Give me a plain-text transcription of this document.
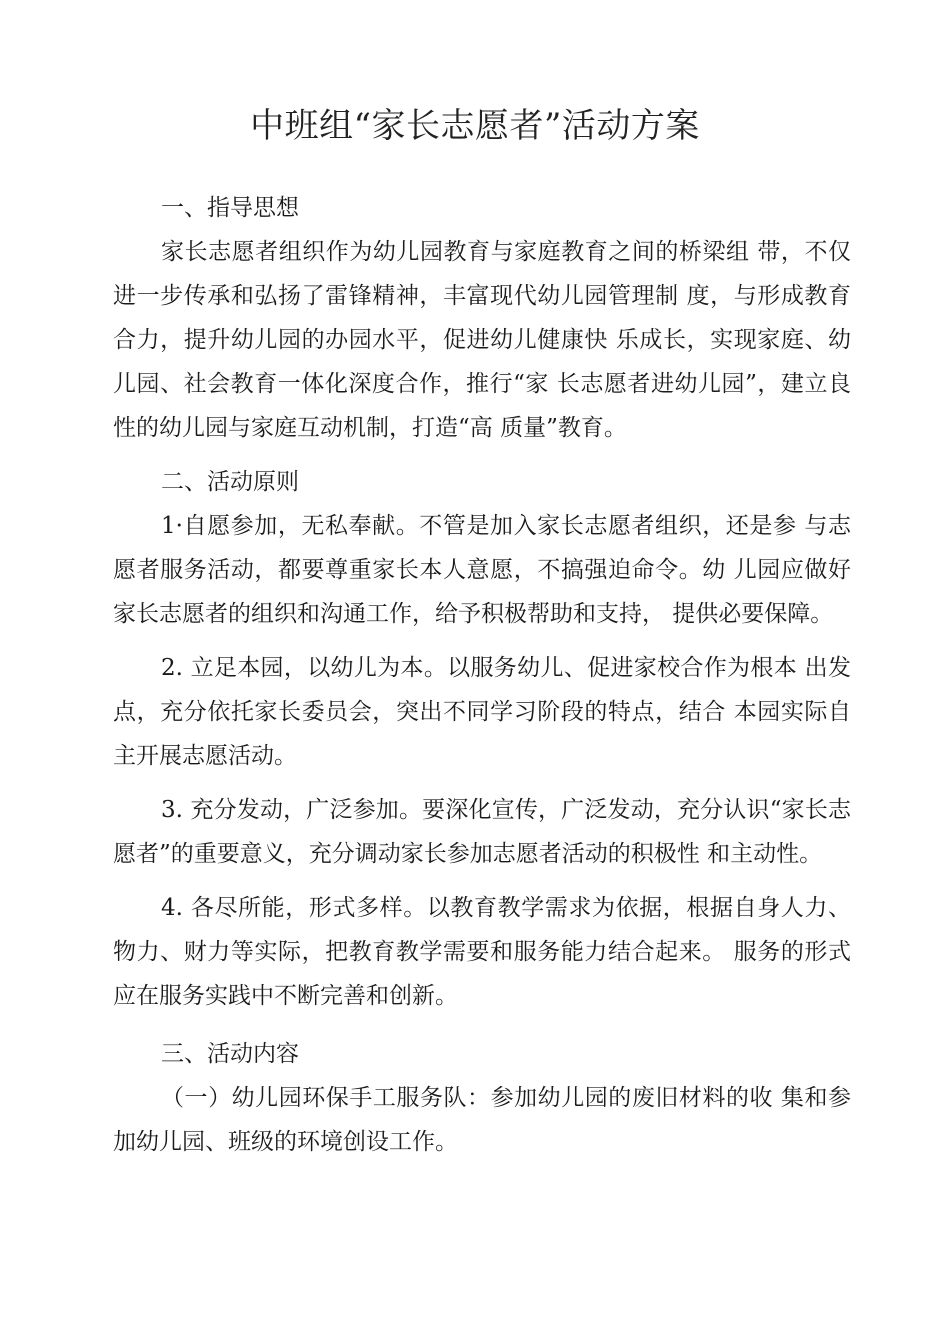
中班组“家长志愿者”活动方案

一、指导思想

家长志愿者组织作为幼儿园教育与家庭教育之间的桥梁组 带，不仅进一步传承和弘扬了雷锋精神，丰富现代幼儿园管理制 度，与形成教育合力，提升幼儿园的办园水平，促进幼儿健康快 乐成长，实现家庭、幼儿园、社会教育一体化深度合作，推行“家 长志愿者进幼儿园”，建立良性的幼儿园与家庭互动机制，打造“高 质量”教育。

二、活动原则

1·自愿参加，无私奉献。不管是加入家长志愿者组织，还是参 与志愿者服务活动，都要尊重家长本人意愿，不搞强迫命令。幼 儿园应做好家长志愿者的组织和沟通工作，给予积极帮助和支持， 提供必要保障。

2. 立足本园，以幼儿为本。以服务幼儿、促进家校合作为根本 出发点，充分依托家长委员会，突出不同学习阶段的特点，结合 本园实际自主开展志愿活动。

3. 充分发动，广泛参加。要深化宣传，广泛发动，充分认识“家长志愿者”的重要意义，充分调动家长参加志愿者活动的积极性 和主动性。

4. 各尽所能，形式多样。以教育教学需求为依据，根据自身人力、物力、财力等实际，把教育教学需要和服务能力结合起来。 服务的形式应在服务实践中不断完善和创新。

三、活动内容

（一）幼儿园环保手工服务队：参加幼儿园的废旧材料的收 集和参加幼儿园、班级的环境创设工作。
